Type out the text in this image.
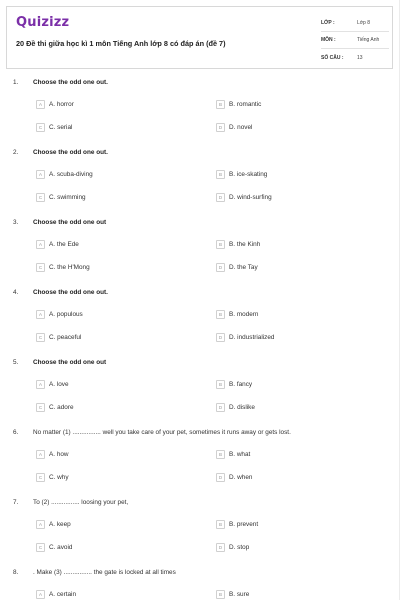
Quizizz
20 Đề thi giữa học kì 1 môn Tiếng Anh lớp 8 có đáp án (đề 7)
LỚP :	Lớp 8
MÔN :	Tiếng Anh
SỐ CÂU :	13
1. Choose the odd one out.
A	A. horror	B	B. romantic
C	C. serial	D	D. novel
2. Choose the odd one out.
A	A. scuba-diving	B	B. ice-skating
C	C. swimming	D	D. wind-surfing
3. Choose the odd one out
A	A. the Ede	B	B. the Kinh
C	C. the H'Mong	D	D. the Tay
4. Choose the odd one out.
A	A. populous	B	B. modern
C	C. peaceful	D	D. industrialized
5. Choose the odd one out
A	A. love	B	B. fancy
C	C. adore	D	D. dislike
6. No matter (1) ................ well you take care of your pet, sometimes it runs away or gets lost.
A	A. how	B	B. what
C	C. why	D	D. when
7. To (2) ................ loosing your pet,
A	A. keep	B	B. prevent
C	C. avoid	D	D. stop
8. . Make (3) ................ the gate is locked at all times
A	A. certain	B	B. sure
